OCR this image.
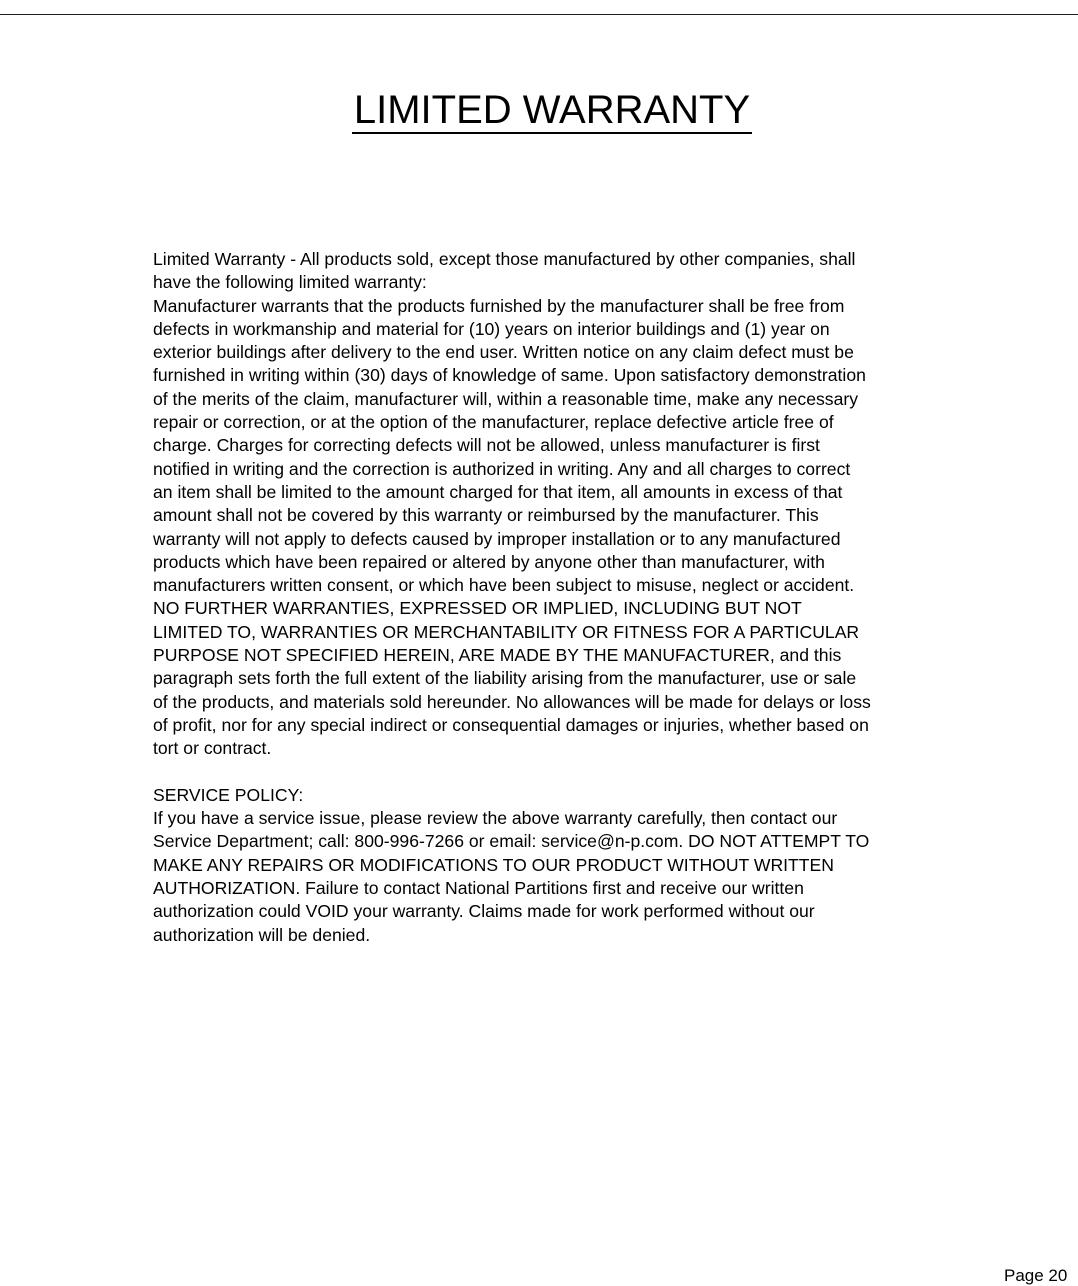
LIMITED WARRANTY
Limited Warranty - All products sold, except those manufactured by other companies, shall
have the following limited warranty:
Manufacturer warrants that the products furnished by the manufacturer shall be free from
defects in workmanship and material for (10) years on interior buildings and (1) year on
exterior buildings after delivery to the end user. Written notice on any claim defect must be
furnished in writing within (30) days of knowledge of same. Upon satisfactory demonstration
of the merits of the claim, manufacturer will, within a reasonable time, make any necessary
repair or correction, or at the option of the manufacturer, replace defective article free of
charge. Charges for correcting defects will not be allowed, unless manufacturer is first
notified in writing and the correction is authorized in writing. Any and all charges to correct
an item shall be limited to the amount charged for that item, all amounts in excess of that
amount shall not be covered by this warranty or reimbursed by the manufacturer. This
warranty will not apply to defects caused by improper installation or to any manufactured
products which have been repaired or altered by anyone other than manufacturer, with
manufacturers written consent, or which have been subject to misuse, neglect or accident.
NO FURTHER WARRANTIES, EXPRESSED OR IMPLIED, INCLUDING BUT NOT
LIMITED TO, WARRANTIES OR MERCHANTABILITY OR FITNESS FOR A PARTICULAR
PURPOSE NOT SPECIFIED HEREIN, ARE MADE BY THE MANUFACTURER, and this
paragraph sets forth the full extent of the liability arising from the manufacturer, use or sale
of the products, and materials sold hereunder. No allowances will be made for delays or loss
of profit, nor for any special indirect or consequential damages or injuries, whether based on
tort or contract.
SERVICE POLICY:
If you have a service issue, please review the above warranty carefully, then contact our
Service Department; call: 800-996-7266 or email: service@n-p.com. DO NOT ATTEMPT TO
MAKE ANY REPAIRS OR MODIFICATIONS TO OUR PRODUCT WITHOUT WRITTEN
AUTHORIZATION. Failure to contact National Partitions first and receive our written
authorization could VOID your warranty. Claims made for work performed without our
authorization will be denied.
Page 20
